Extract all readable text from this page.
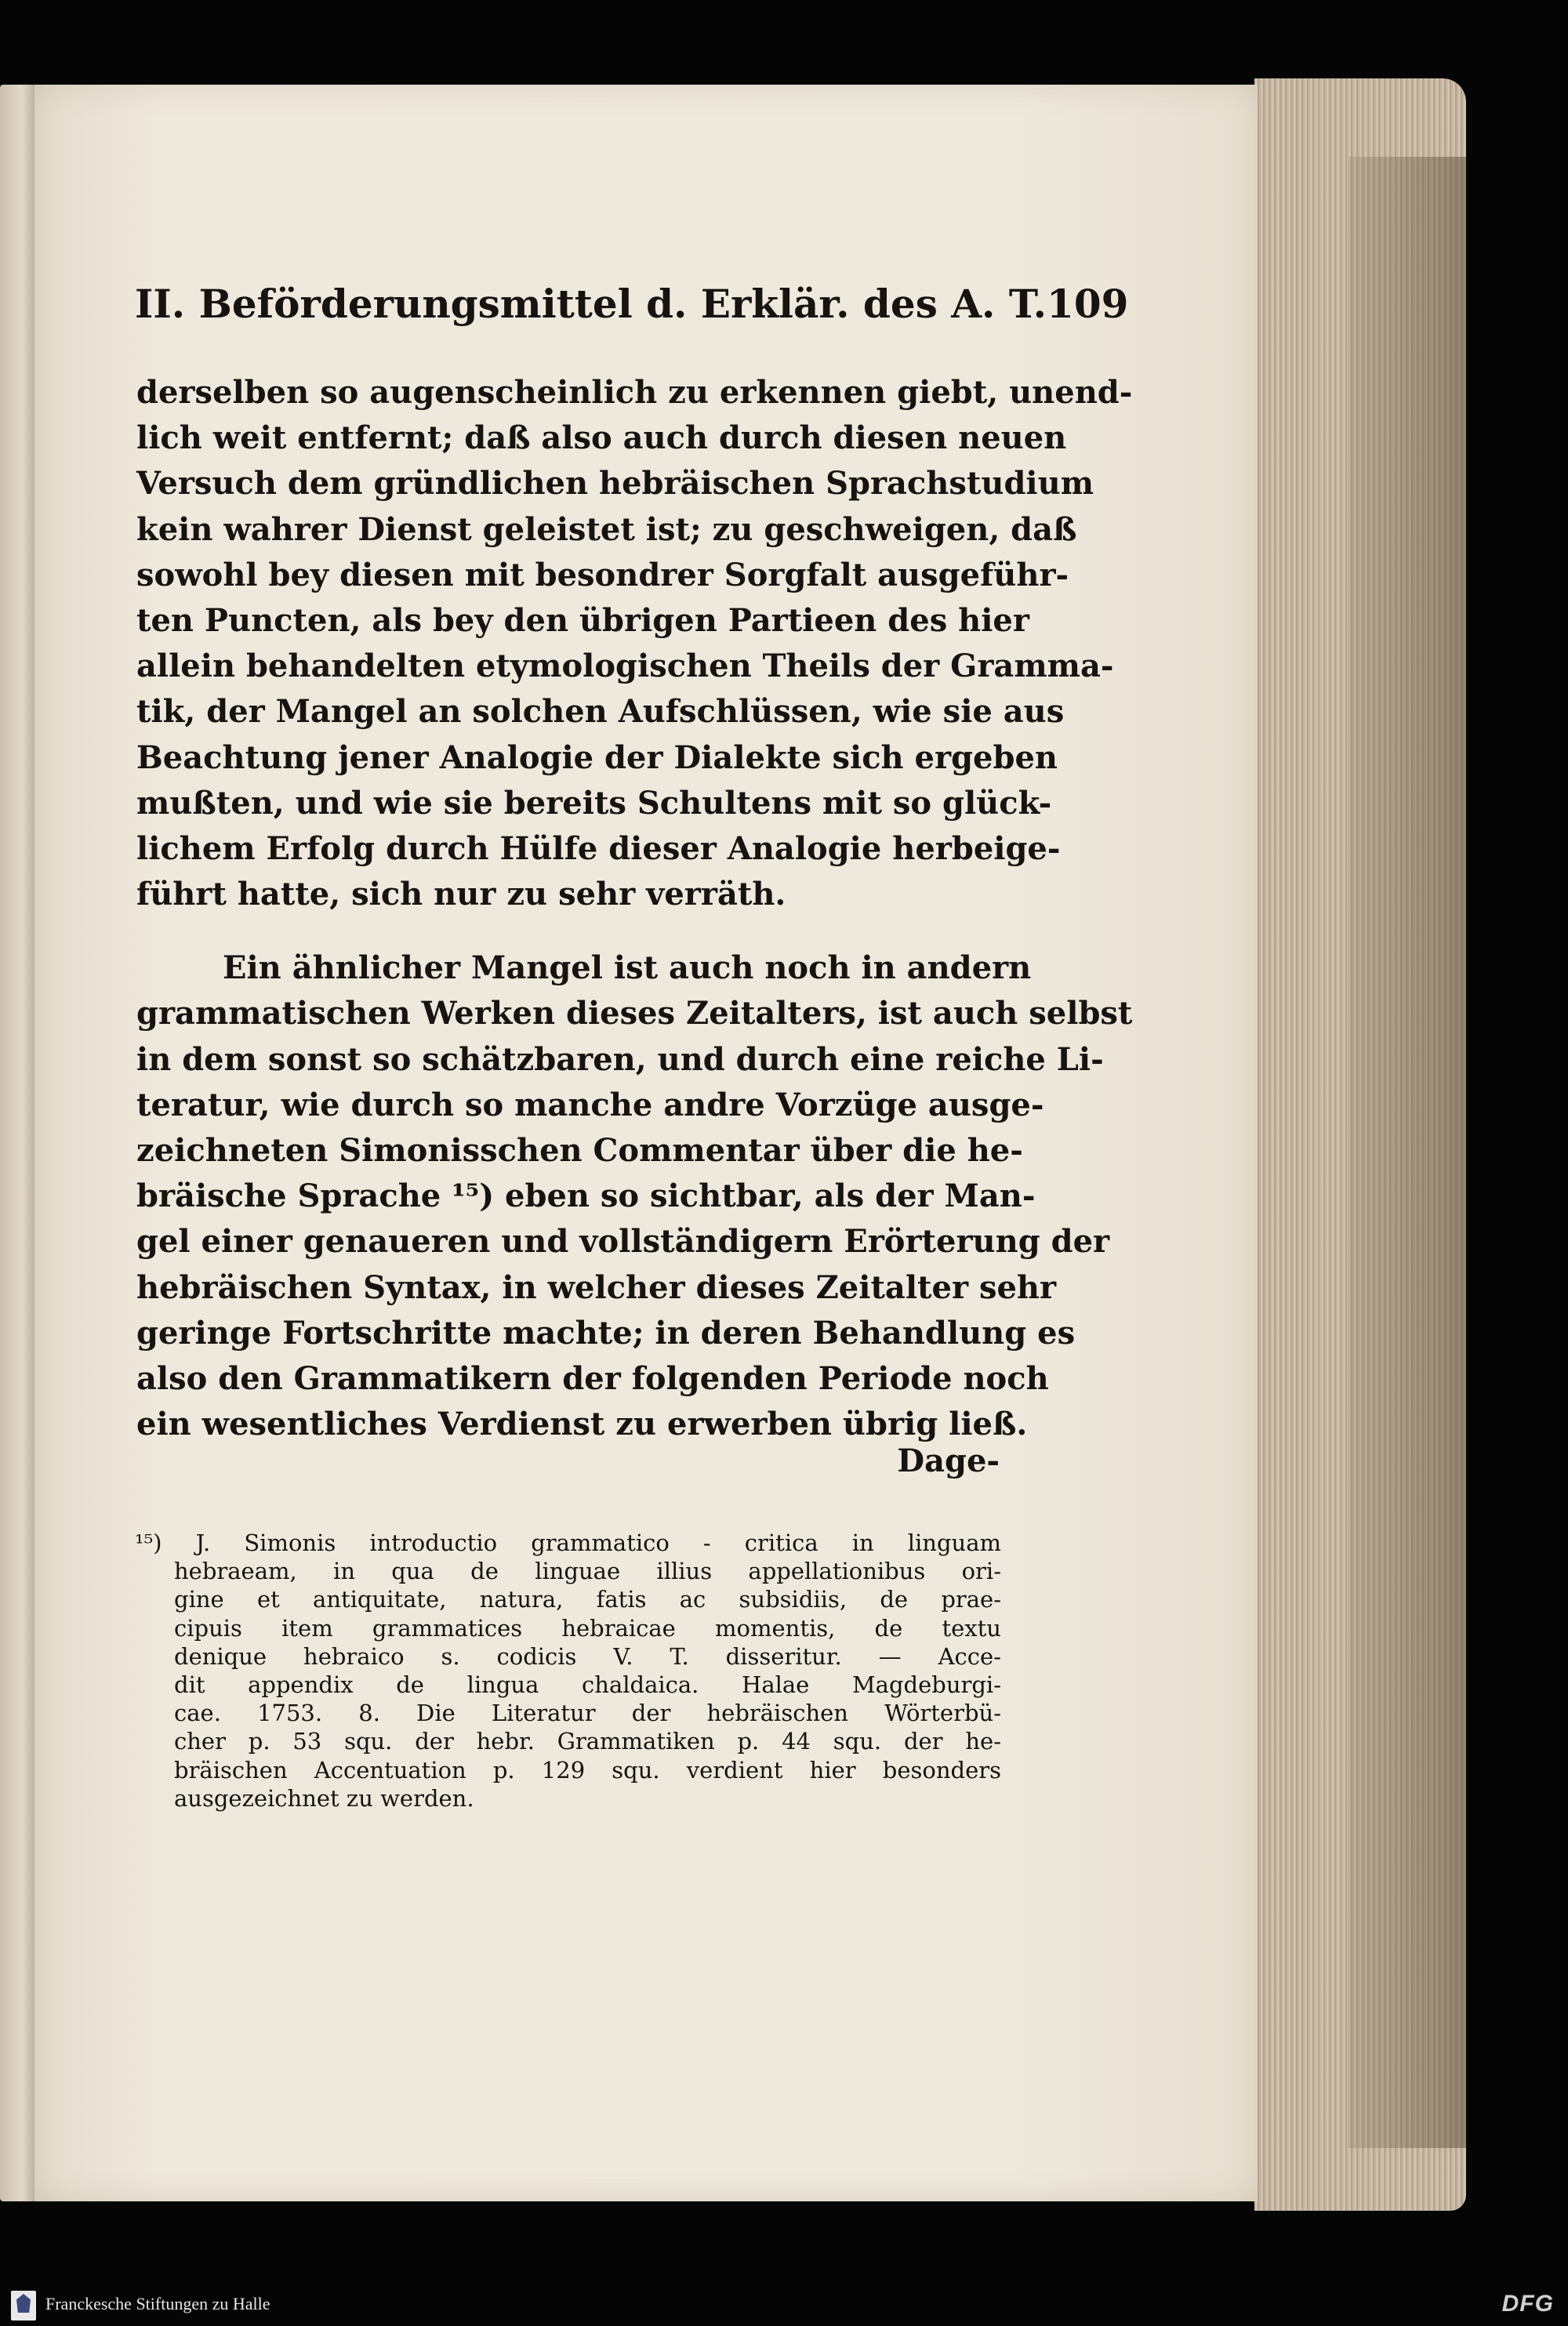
II. Beförderungsmittel d. Erklär. des A. T. 109
derselben so augenscheinlich zu erkennen giebt, unend-
lich weit entfernt; daß also auch durch diesen neuen
Versuch dem gründlichen hebräischen Sprachstudium
kein wahrer Dienst geleistet ist; zu geschweigen, daß
sowohl bey diesen mit besondrer Sorgfalt ausgeführ-
ten Puncten, als bey den übrigen Partieen des hier
allein behandelten etymologischen Theils der Gramma-
tik, der Mangel an solchen Aufschlüssen, wie sie aus
Beachtung jener Analogie der Dialekte sich ergeben
mußten, und wie sie bereits Schultens mit so glück-
lichem Erfolg durch Hülfe dieser Analogie herbeige-
führt hatte, sich nur zu sehr verräth.
Ein ähnlicher Mangel ist auch noch in andern
grammatischen Werken dieses Zeitalters, ist auch selbst
in dem sonst so schätzbaren, und durch eine reiche Li-
teratur, wie durch so manche andre Vorzüge ausge-
zeichneten Simonisschen Commentar über die he-
bräische Sprache ¹⁵) eben so sichtbar, als der Man-
gel einer genaueren und vollständigern Erörterung der
hebräischen Syntax, in welcher dieses Zeitalter sehr
geringe Fortschritte machte; in deren Behandlung es
also den Grammatikern der folgenden Periode noch
ein wesentliches Verdienst zu erwerben übrig ließ.
Dage-
¹⁵) J. Simonis introductio grammatico - critica in linguam
hebraeam, in qua de linguae illius appellationibus ori-
gine et antiquitate, natura, fatis ac subsidiis, de prae-
cipuis item grammatices hebraicae momentis, de textu
denique hebraico s. codicis V. T. disseritur. — Acce-
dit appendix de lingua chaldaica. Halae Magdeburgi-
cae. 1753. 8. Die Literatur der hebräischen Wörterbü-
cher p. 53 squ. der hebr. Grammatiken p. 44 squ. der he-
bräischen Accentuation p. 129 squ. verdient hier besonders
ausgezeichnet zu werden.
Franckesche Stiftungen zu Halle	DFG
